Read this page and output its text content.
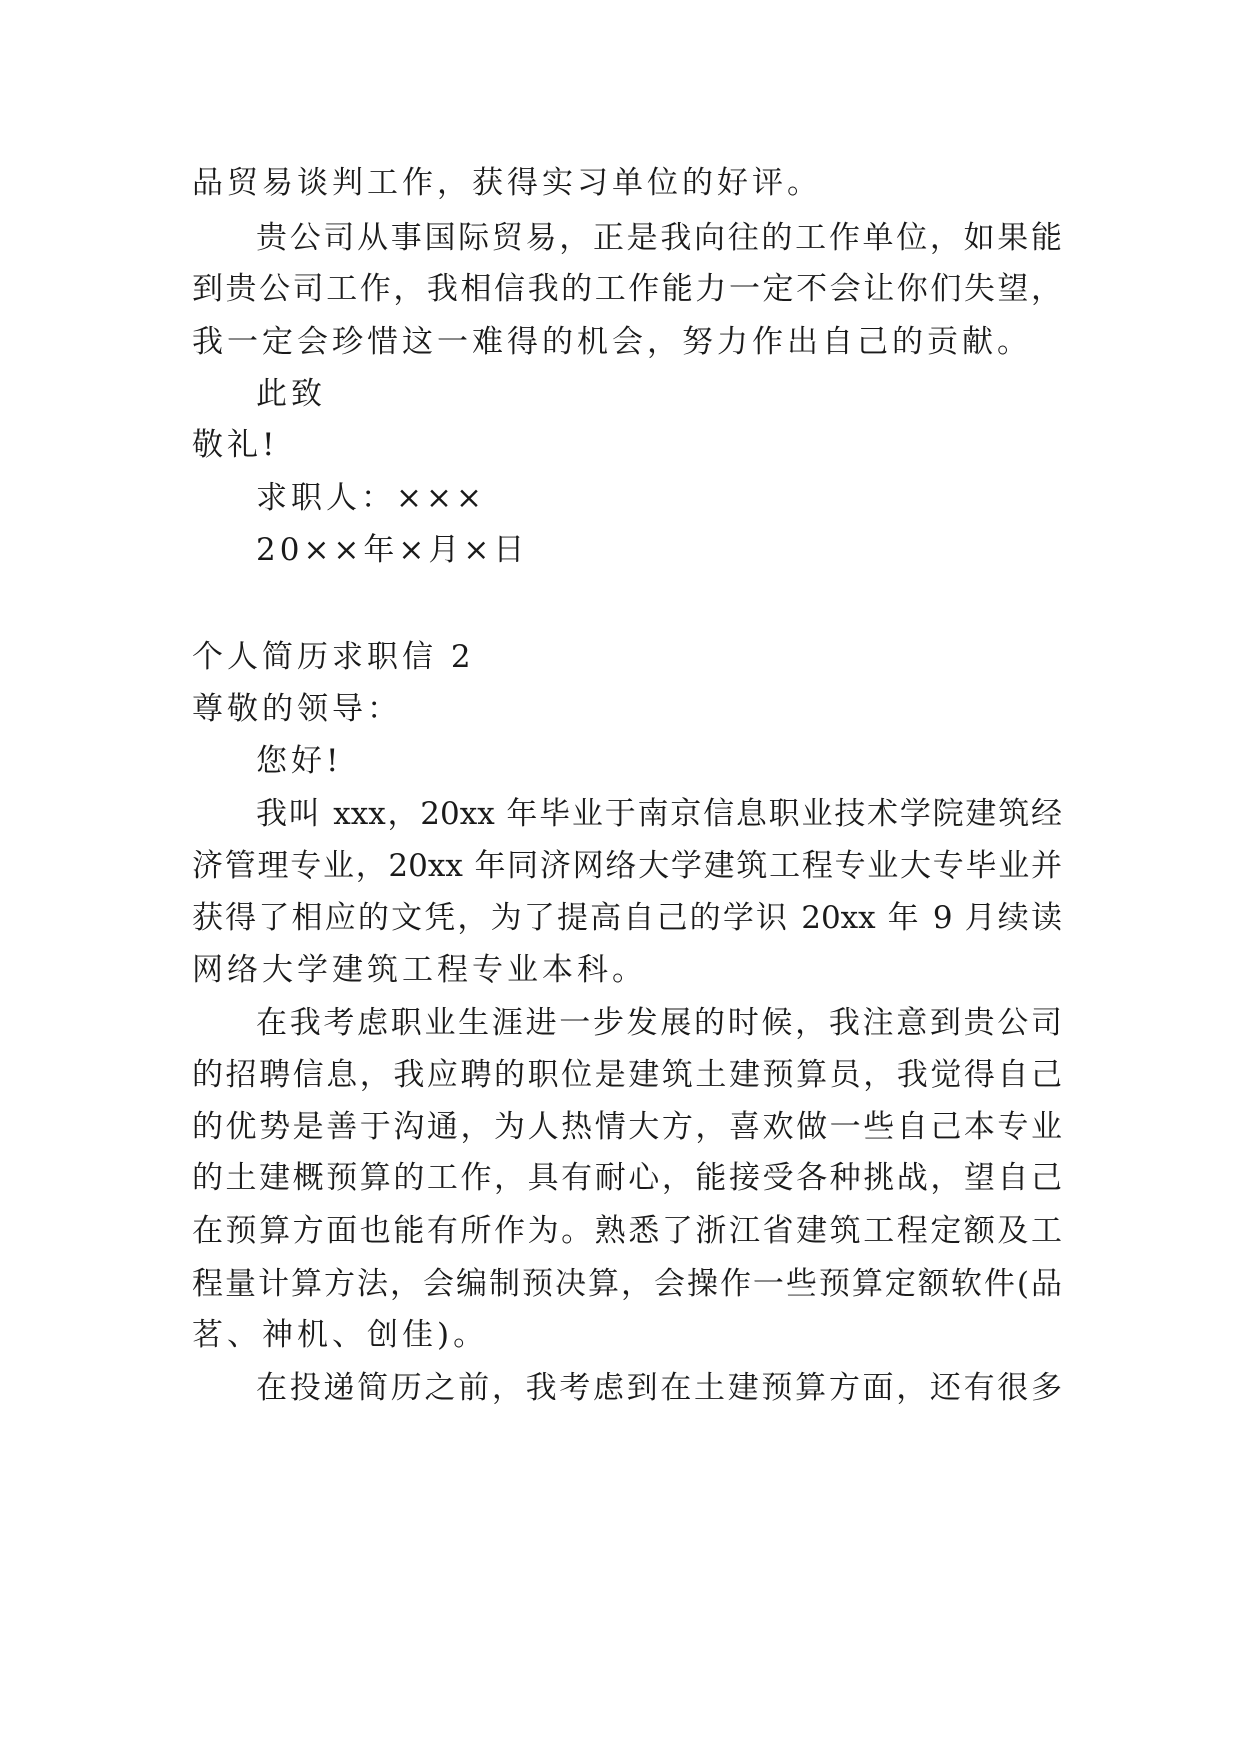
品贸易谈判工作，获得实习单位的好评。
贵公司从事国际贸易，正是我向往的工作单位，如果能
到贵公司工作，我相信我的工作能力一定不会让你们失望，
我一定会珍惜这一难得的机会，努力作出自己的贡献。
此致
敬礼!
求职人：×××
20××年×月×日
个人简历求职信 2
尊敬的领导：
您好!
我叫 xxx，20xx 年毕业于南京信息职业技术学院建筑经
济管理专业，20xx 年同济网络大学建筑工程专业大专毕业并
获得了相应的文凭，为了提高自己的学识 20xx 年 9 月续读
网络大学建筑工程专业本科。
在我考虑职业生涯进一步发展的时候，我注意到贵公司
的招聘信息，我应聘的职位是建筑土建预算员，我觉得自己
的优势是善于沟通，为人热情大方，喜欢做一些自己本专业
的土建概预算的工作，具有耐心，能接受各种挑战，望自己
在预算方面也能有所作为。熟悉了浙江省建筑工程定额及工
程量计算方法，会编制预决算，会操作一些预算定额软件(品
茗、神机、创佳)。
在投递简历之前，我考虑到在土建预算方面，还有很多
